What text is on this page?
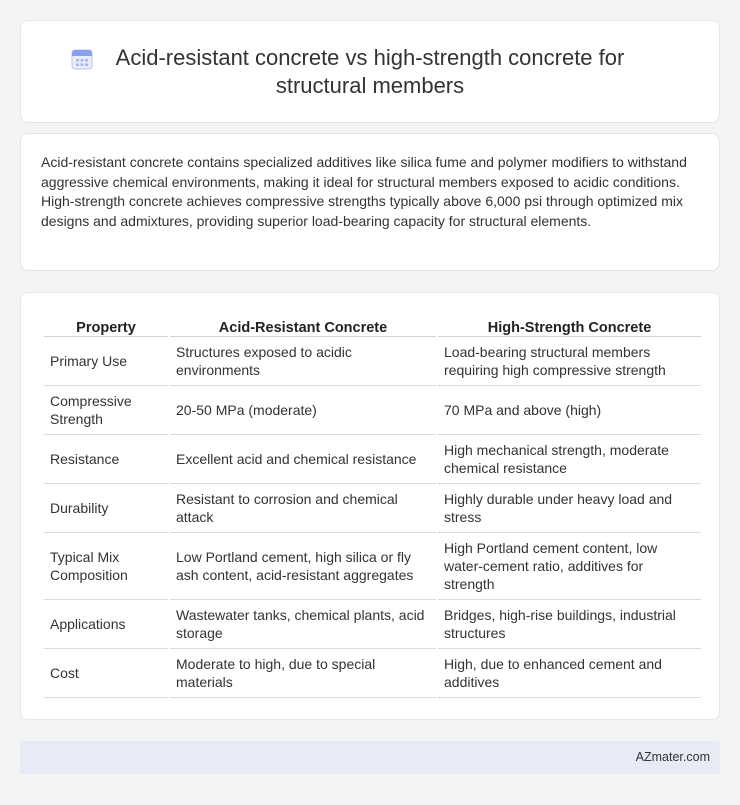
Acid-resistant concrete vs high-strength concrete for structural members

Acid-resistant concrete contains specialized additives like silica fume and polymer modifiers to withstand aggressive chemical environments, making it ideal for structural members exposed to acidic conditions. High-strength concrete achieves compressive strengths typically above 6,000 psi through optimized mix designs and admixtures, providing superior load-bearing capacity for structural elements.

Property	Acid-Resistant Concrete	High-Strength Concrete
Primary Use	Structures exposed to acidic environments	Load-bearing structural members requiring high compressive strength
Compressive Strength	20-50 MPa (moderate)	70 MPa and above (high)
Resistance	Excellent acid and chemical resistance	High mechanical strength, moderate chemical resistance
Durability	Resistant to corrosion and chemical attack	Highly durable under heavy load and stress
Typical Mix Composition	Low Portland cement, high silica or fly ash content, acid-resistant aggregates	High Portland cement content, low water-cement ratio, additives for strength
Applications	Wastewater tanks, chemical plants, acid storage	Bridges, high-rise buildings, industrial structures
Cost	Moderate to high, due to special materials	High, due to enhanced cement and additives
AZmater.com
